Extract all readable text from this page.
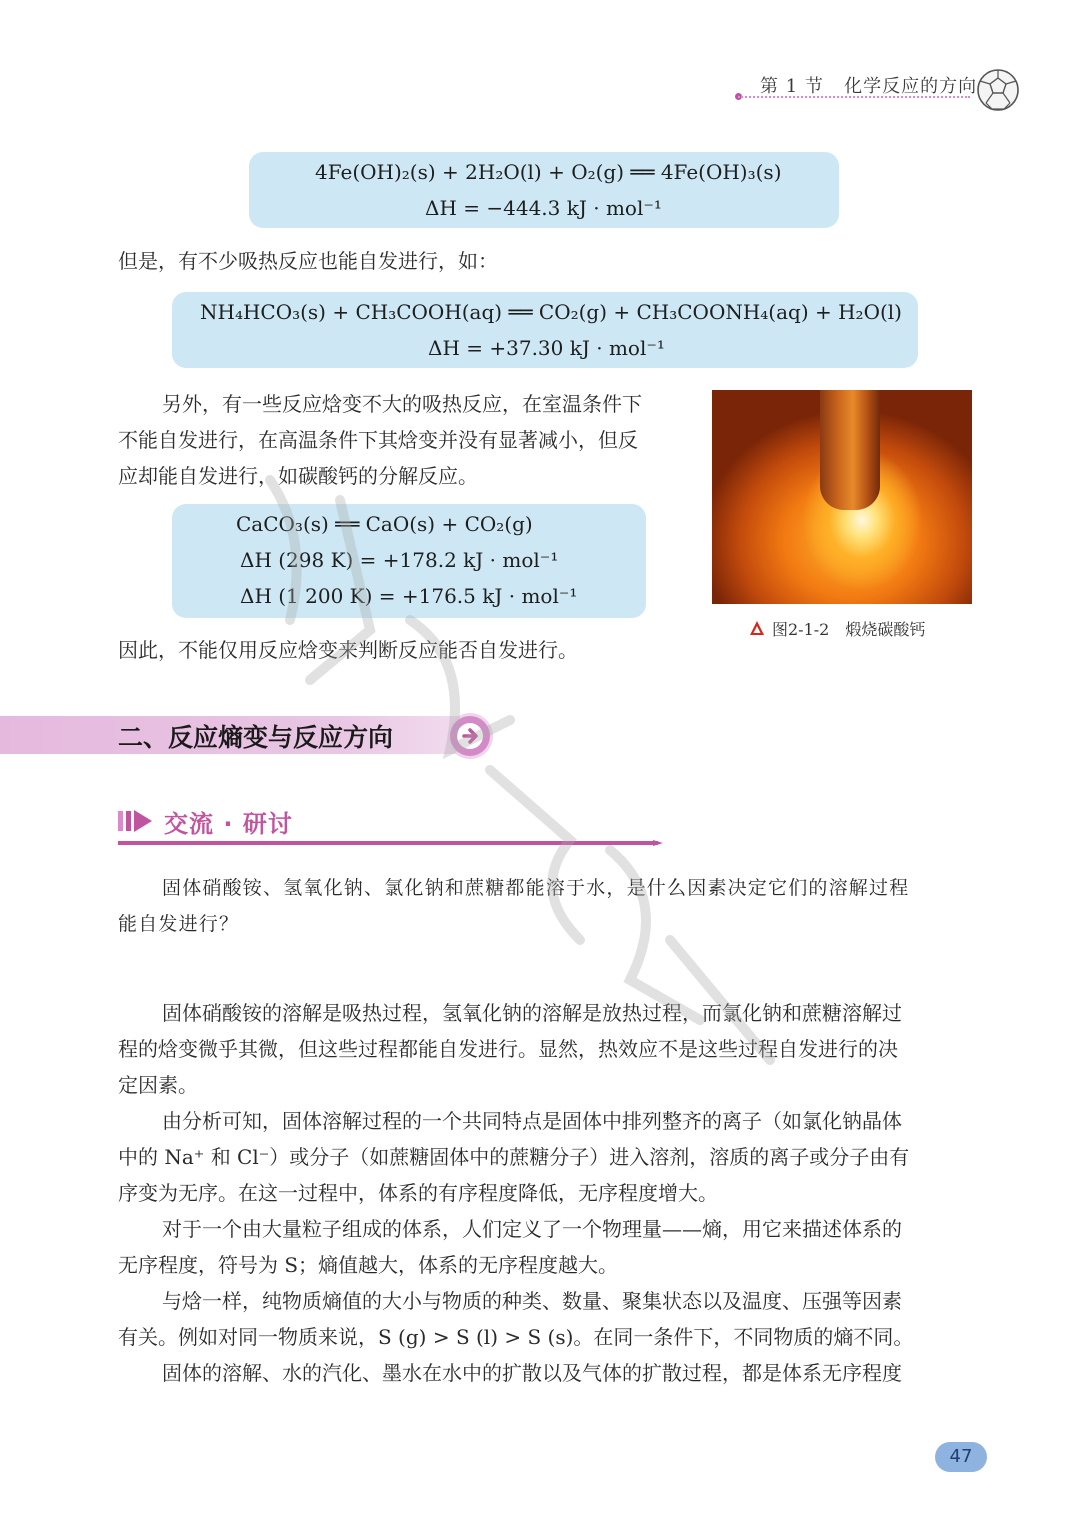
第 1 节 化学反应的方向
4Fe(OH)₂(s) + 2H₂O(l) + O₂(g) ══ 4Fe(OH)₃(s)
ΔH = −444.3 kJ · mol⁻¹
但是，有不少吸热反应也能自发进行，如：
NH₄HCO₃(s) + CH₃COOH(aq) ══ CO₂(g) + CH₃COONH₄(aq) + H₂O(l)
ΔH = +37.30 kJ · mol⁻¹

另外，有一些反应焓变不大的吸热反应，在室温条件下

不能自发进行，在高温条件下其焓变并没有显著减小，但反

应却能自发进行，如碳酸钙的分解反应。

图2-1-2　煅烧碳酸钙
CaCO₃(s) ══ CaO(s) + CO₂(g)
ΔH (298 K) = +178.2 kJ · mol⁻¹
ΔH (1 200 K) = +176.5 kJ · mol⁻¹
因此，不能仅用反应焓变来判断反应能否自发进行。
二、反应熵变与反应方向
交流 · 研讨

固体硝酸铵、氢氧化钠、氯化钠和蔗糖都能溶于水，是什么因素决定它们的溶解过程

能自发进行？

固体硝酸铵的溶解是吸热过程，氢氧化钠的溶解是放热过程，而氯化钠和蔗糖溶解过

程的焓变微乎其微，但这些过程都能自发进行。显然，热效应不是这些过程自发进行的决

定因素。

由分析可知，固体溶解过程的一个共同特点是固体中排列整齐的离子（如氯化钠晶体

中的 Na⁺ 和 Cl⁻）或分子（如蔗糖固体中的蔗糖分子）进入溶剂，溶质的离子或分子由有

序变为无序。在这一过程中，体系的有序程度降低，无序程度增大。

对于一个由大量粒子组成的体系，人们定义了一个物理量——熵，用它来描述体系的

无序程度，符号为 S；熵值越大，体系的无序程度越大。

与焓一样，纯物质熵值的大小与物质的种类、数量、聚集状态以及温度、压强等因素

有关。例如对同一物质来说，S (g) > S (l) > S (s)。在同一条件下，不同物质的熵不同。

固体的溶解、水的汽化、墨水在水中的扩散以及气体的扩散过程，都是体系无序程度

47
